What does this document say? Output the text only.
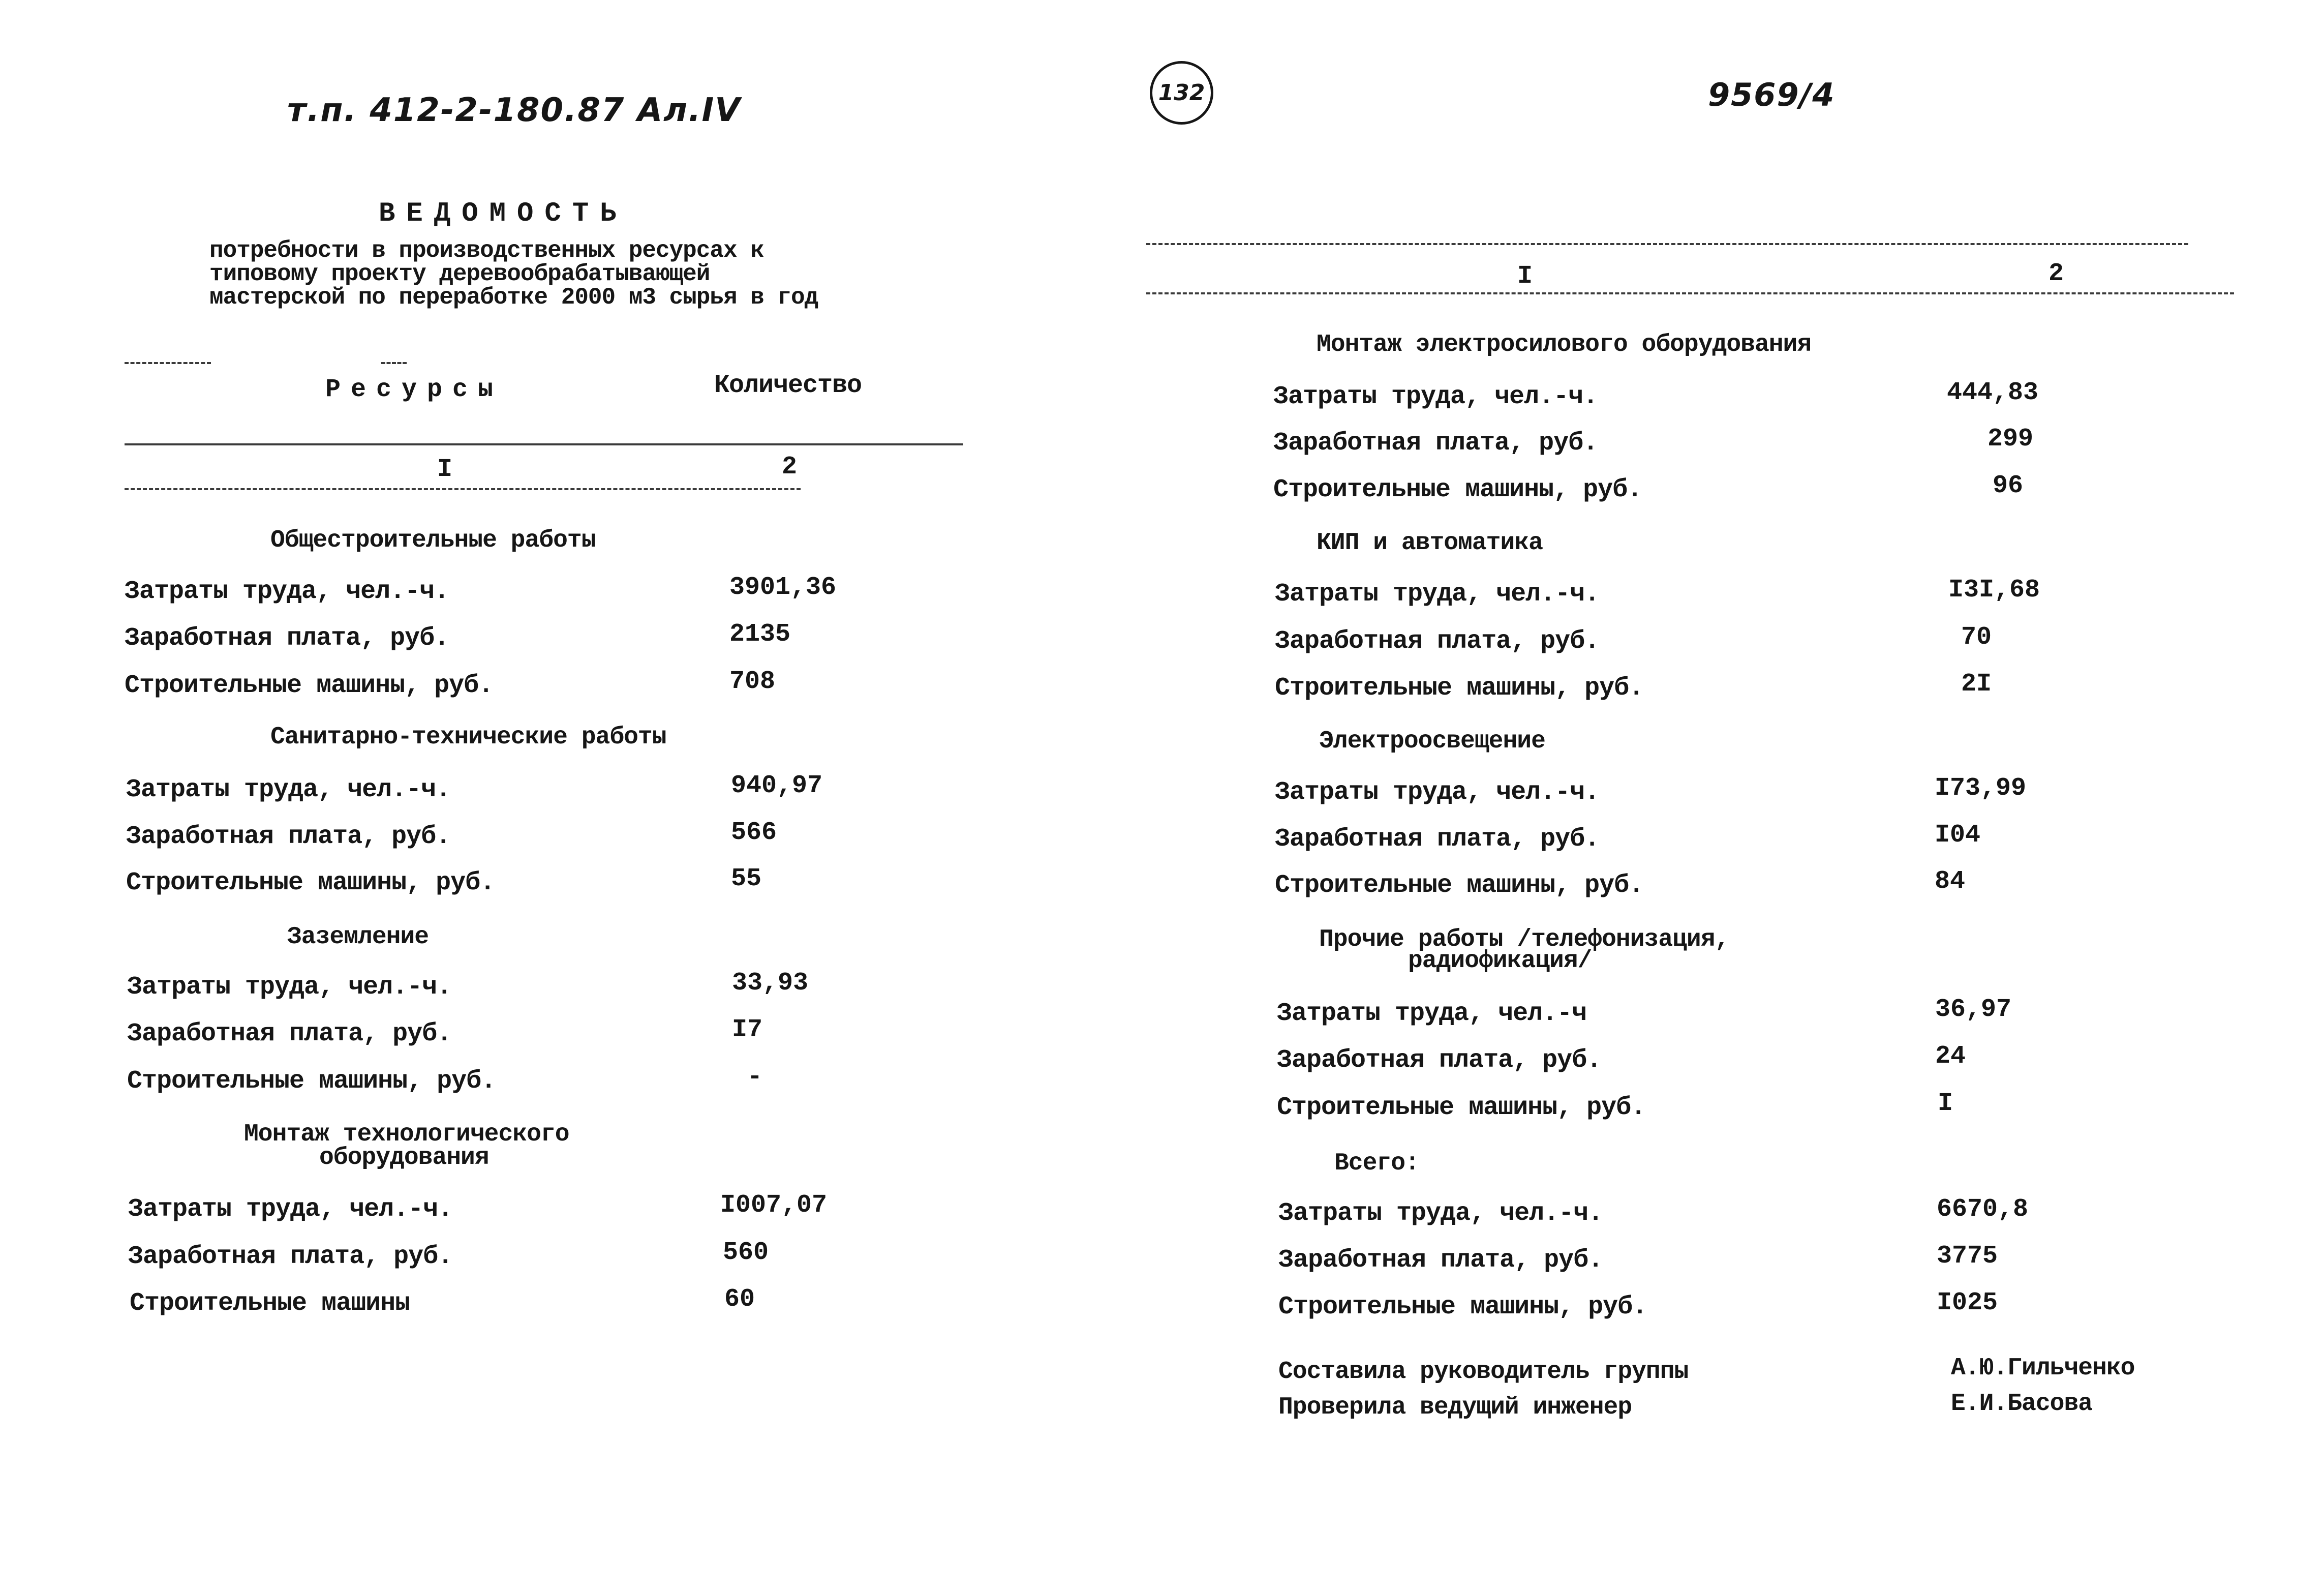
т.п. 412-2-180.87 Ал.IV
ВЕДОМОСТЬ
потребности в производственных ресурсах к
типовому проекту деревообрабатывающей
мастерской по переработке 2000 м3 сырья в год
Ресурсы	Количество
I	2
Общестроительные работы
Затраты труда, чел.-ч.	3901,36
Заработная плата, руб.	2135
Строительные машины, руб.	708
Санитарно-технические работы
Затраты труда, чел.-ч.	940,97
Заработная плата, руб.	566
Строительные машины, руб.	55
Заземление
Затраты труда, чел.-ч.	33,93
Заработная плата, руб.	I7
Строительные машины, руб.	-
Монтаж технологического
оборудования
Затраты труда, чел.-ч.	I007,07
Заработная плата, руб.	560
Строительные машины	60
132	9569/4
I	2
Монтаж электросилового оборудования
Затраты труда, чел.-ч.	444,83
Заработная плата, руб.	299
Строительные машины, руб.	96
КИП и автоматика
Затраты труда, чел.-ч.	I3I,68
Заработная плата, руб.	70
Строительные машины, руб.	2I
Электроосвещение
Затраты труда, чел.-ч.	I73,99
Заработная плата, руб.	I04
Строительные машины, руб.	84
Прочие работы /телефонизация,
радиофикация/
Затраты труда, чел.-ч	36,97
Заработная плата, руб.	24
Строительные машины, руб.	I
Всего:
Затраты труда, чел.-ч.	6670,8
Заработная плата, руб.	3775
Строительные машины, руб.	I025
Составила руководитель группы	А.Ю.Гильченко
Проверила ведущий инженер	Е.И.Басова
